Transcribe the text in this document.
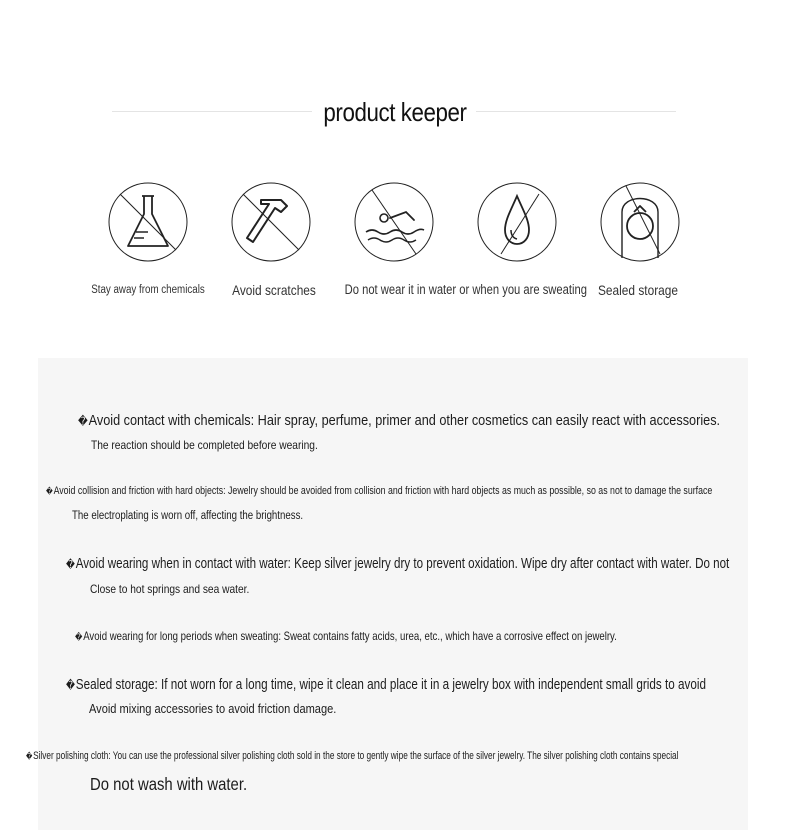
product keeper
Stay away from chemicals	Avoid scratches	Do not wear it in water or when you are sweating Sealed storage
�Avoid contact with chemicals: Hair spray, perfume, primer and other cosmetics can easily react with accessories.
The reaction should be completed before wearing.
�Avoid collision and friction with hard objects: Jewelry should be avoided from collision and friction with hard objects as much as possible, so as not to damage the surface
The electroplating is worn off, affecting the brightness.
�Avoid wearing when in contact with water: Keep silver jewelry dry to prevent oxidation. Wipe dry after contact with water. Do not
Close to hot springs and sea water.
�Avoid wearing for long periods when sweating: Sweat contains fatty acids, urea, etc., which have a corrosive effect on jewelry.
�Sealed storage: If not worn for a long time, wipe it clean and place it in a jewelry box with independent small grids to avoid
Avoid mixing accessories to avoid friction damage.
�Silver polishing cloth: You can use the professional silver polishing cloth sold in the store to gently wipe the surface of the silver jewelry. The silver polishing cloth contains special
Do not wash with water.
